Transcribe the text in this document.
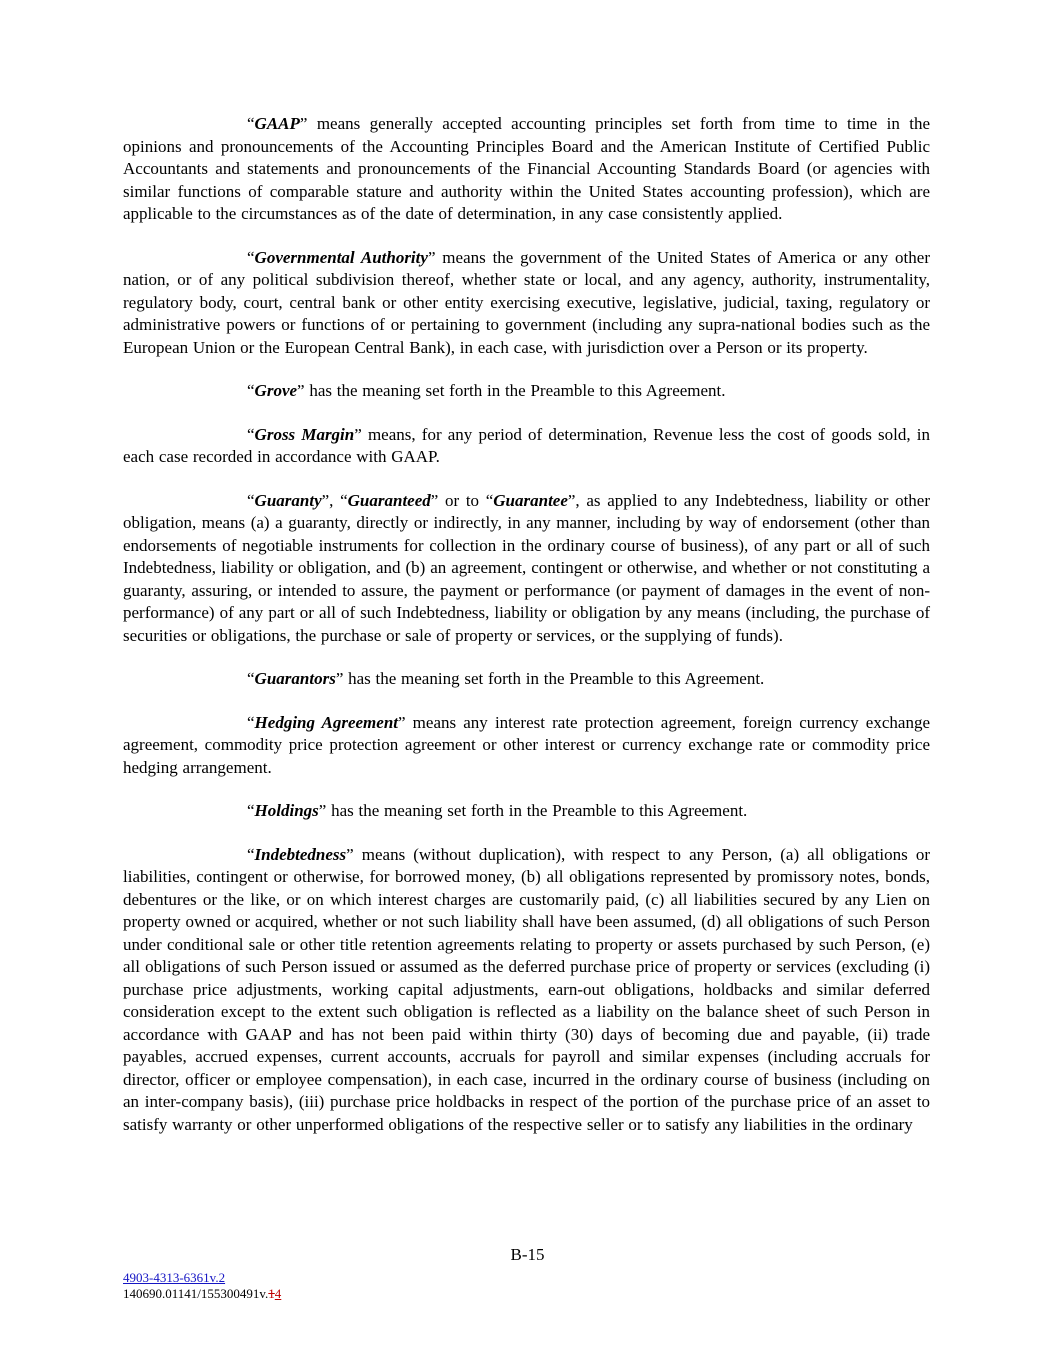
“GAAP” means generally accepted accounting principles set forth from time to time in the opinions and pronouncements of the Accounting Principles Board and the American Institute of Certified Public Accountants and statements and pronouncements of the Financial Accounting Standards Board (or agencies with similar functions of comparable stature and authority within the United States accounting profession), which are applicable to the circumstances as of the date of determination, in any case consistently applied.

“Governmental Authority” means the government of the United States of America or any other nation, or of any political subdivision thereof, whether state or local, and any agency, authority, instrumentality, regulatory body, court, central bank or other entity exercising executive, legislative, judicial, taxing, regulatory or administrative powers or functions of or pertaining to government (including any supra-national bodies such as the European Union or the European Central Bank), in each case, with jurisdiction over a Person or its property.

“Grove” has the meaning set forth in the Preamble to this Agreement.

“Gross Margin” means, for any period of determination, Revenue less the cost of goods sold, in each case recorded in accordance with GAAP.

“Guaranty”, “Guaranteed” or to “Guarantee”, as applied to any Indebtedness, liability or other obligation, means (a) a guaranty, directly or indirectly, in any manner, including by way of endorsement (other than endorsements of negotiable instruments for collection in the ordinary course of business), of any part or all of such Indebtedness, liability or obligation, and (b) an agreement, contingent or otherwise, and whether or not constituting a guaranty, assuring, or intended to assure, the payment or performance (or payment of damages in the event of non-performance) of any part or all of such Indebtedness, liability or obligation by any means (including, the purchase of securities or obligations, the purchase or sale of property or services, or the supplying of funds).

“Guarantors” has the meaning set forth in the Preamble to this Agreement.

“Hedging Agreement” means any interest rate protection agreement, foreign currency exchange agreement, commodity price protection agreement or other interest or currency exchange rate or commodity price hedging arrangement.

“Holdings” has the meaning set forth in the Preamble to this Agreement.

“Indebtedness” means (without duplication), with respect to any Person, (a) all obligations or liabilities, contingent or otherwise, for borrowed money, (b) all obligations represented by promissory notes, bonds, debentures or the like, or on which interest charges are customarily paid, (c) all liabilities secured by any Lien on property owned or acquired, whether or not such liability shall have been assumed, (d) all obligations of such Person under conditional sale or other title retention agreements relating to property or assets purchased by such Person, (e) all obligations of such Person issued or assumed as the deferred purchase price of property or services (excluding (i) purchase price adjustments, working capital adjustments, earn-out obligations, holdbacks and similar deferred consideration except to the extent such obligation is reflected as a liability on the balance sheet of such Person in accordance with GAAP and has not been paid within thirty (30) days of becoming due and payable, (ii) trade payables, accrued expenses, current accounts, accruals for payroll and similar expenses (including accruals for director, officer or employee compensation), in each case, incurred in the ordinary course of business (including on an inter-company basis), (iii) purchase price holdbacks in respect of the portion of the purchase price of an asset to satisfy warranty or other unperformed obligations of the respective seller or to satisfy any liabilities in the ordinary

B-15
4903-4313-6361v.2
140690.01141/155300491v.14
